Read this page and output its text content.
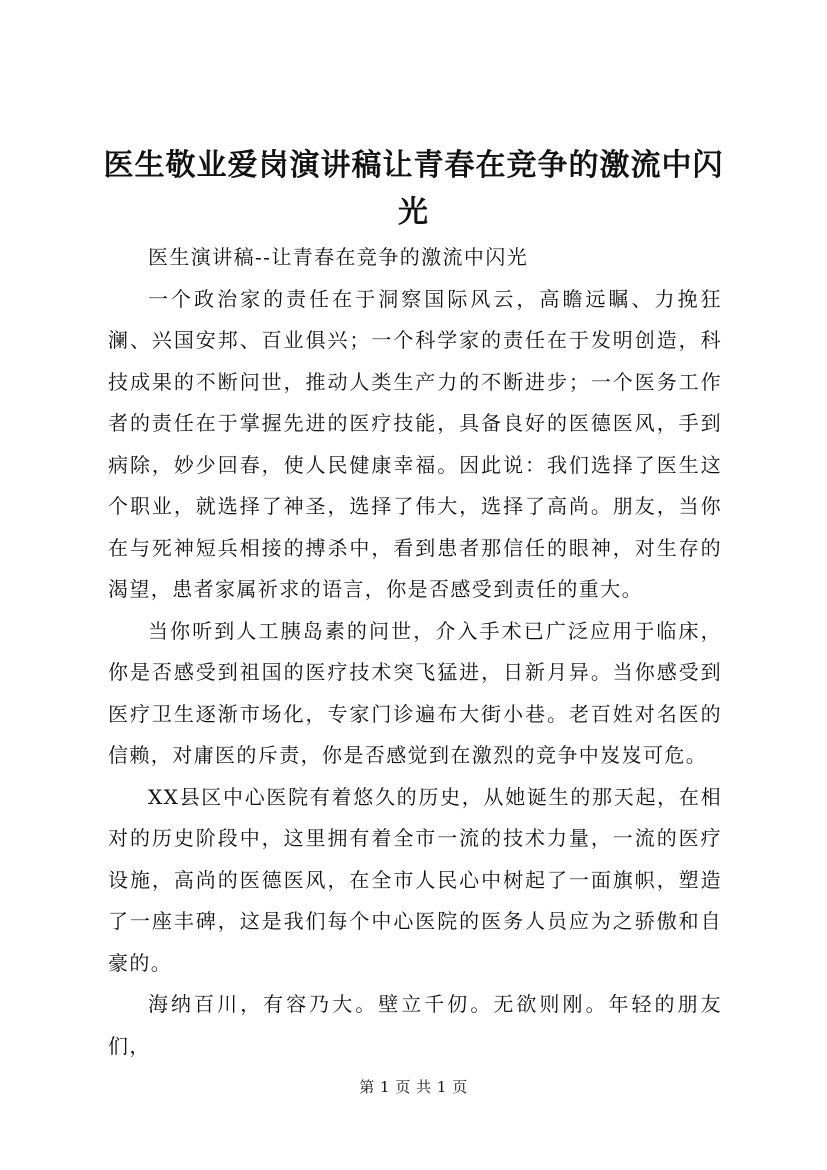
医生敬业爱岗演讲稿让青春在竞争的激流中闪光

医生演讲稿--让青春在竞争的激流中闪光

一个政治家的责任在于洞察国际风云，高瞻远瞩、力挽狂澜、兴国安邦、百业俱兴；一个科学家的责任在于发明创造，科技成果的不断问世，推动人类生产力的不断进步；一个医务工作者的责任在于掌握先进的医疗技能，具备良好的医德医风，手到病除，妙少回春，使人民健康幸福。因此说：我们选择了医生这个职业，就选择了神圣，选择了伟大，选择了高尚。朋友，当你在与死神短兵相接的搏杀中，看到患者那信任的眼神，对生存的渴望，患者家属祈求的语言，你是否感受到责任的重大。

当你听到人工胰岛素的问世，介入手术已广泛应用于临床，你是否感受到祖国的医疗技术突飞猛进，日新月异。当你感受到医疗卫生逐渐市场化，专家门诊遍布大街小巷。老百姓对名医的信赖，对庸医的斥责，你是否感觉到在激烈的竞争中岌岌可危。

XX县区中心医院有着悠久的历史，从她诞生的那天起，在相对的历史阶段中，这里拥有着全市一流的技术力量，一流的医疗设施，高尚的医德医风，在全市人民心中树起了一面旗帜，塑造了一座丰碑，这是我们每个中心医院的医务人员应为之骄傲和自豪的。

海纳百川，有容乃大。壁立千仞。无欲则刚。年轻的朋友们，

第 1 页 共 1 页
